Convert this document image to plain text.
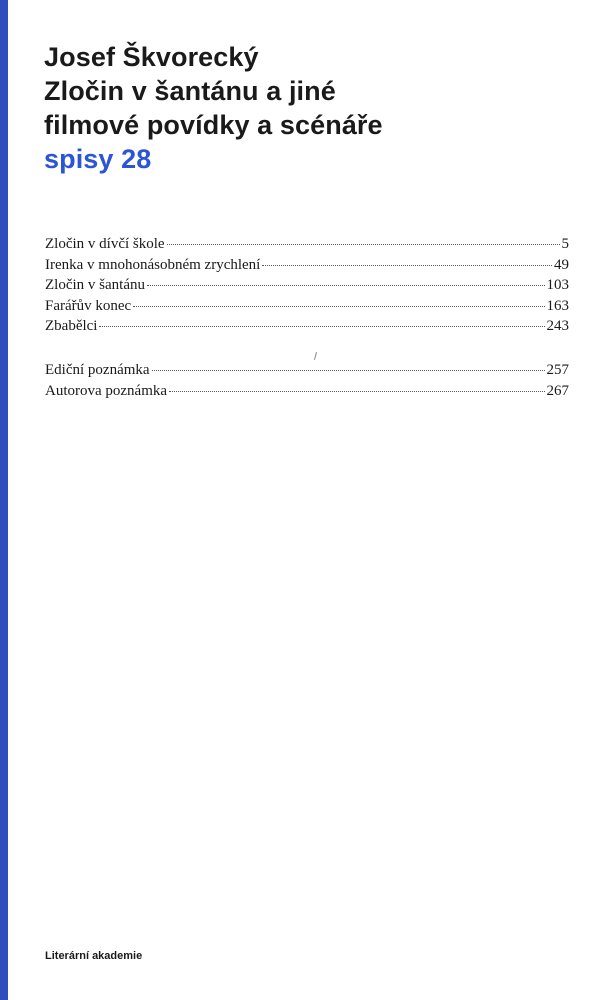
Josef Škvorecký
Zločin v šantánu a jiné
filmové povídky a scénáře
spisy 28
Zločin v dívčí škole	5
Irenka v mnohonásobném zrychlení	49
Zločin v šantánu	103
Farářův konec	163
Zbabělci	243
Ediční poznámka	257
Autorova poznámka	267
Literární akademie
